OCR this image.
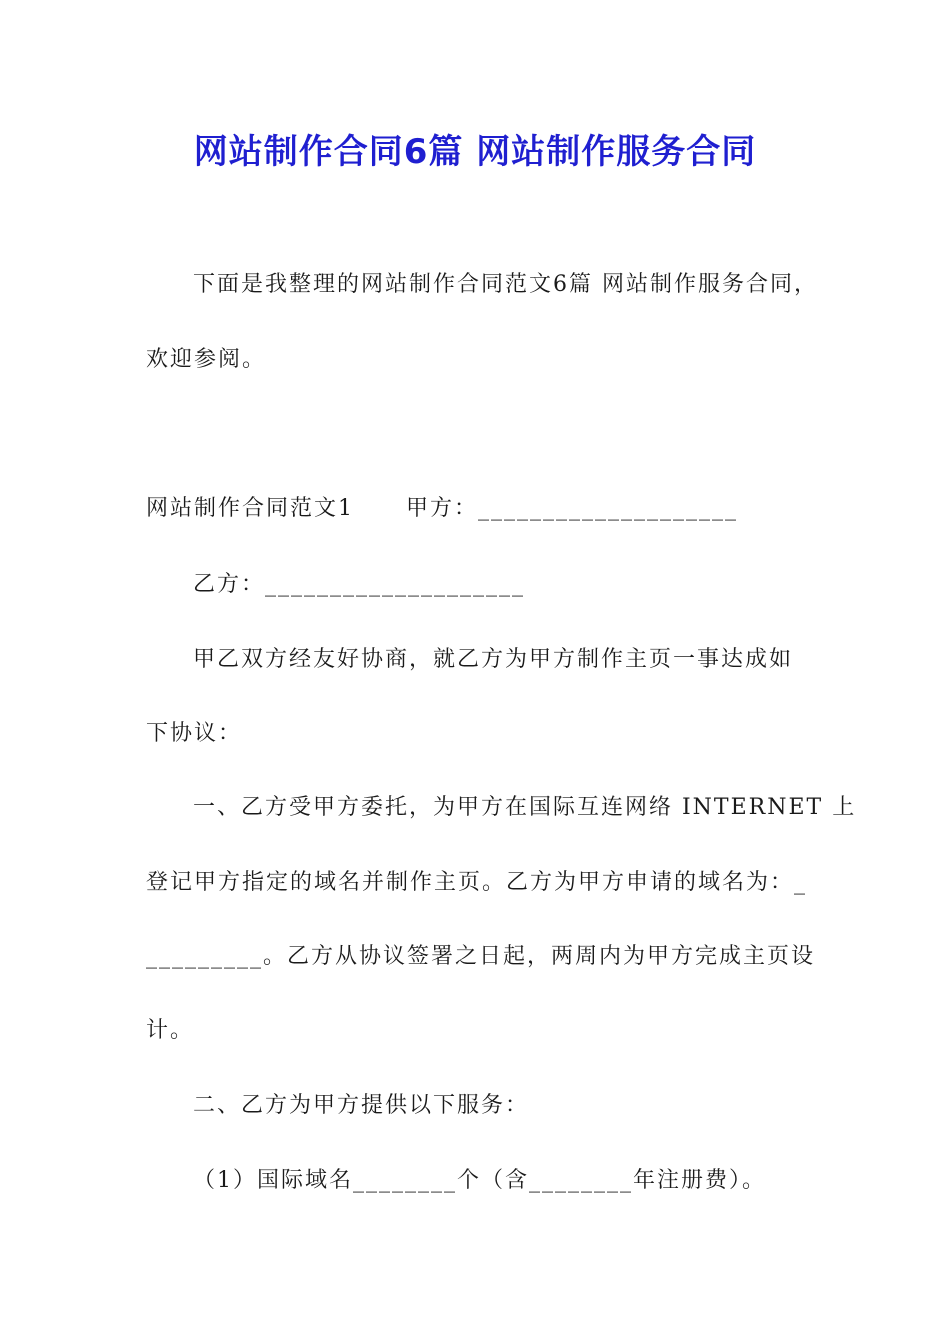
网站制作合同6篇 网站制作服务合同
下面是我整理的网站制作合同范文6篇 网站制作服务合同，
欢迎参阅。
网站制作合同范文1 甲方：____________________
乙方：____________________
甲乙双方经友好协商，就乙方为甲方制作主页一事达成如
下协议：
一、乙方受甲方委托，为甲方在国际互连网络 INTERNET 上
登记甲方指定的域名并制作主页。乙方为甲方申请的域名为：_
_________。乙方从协议签署之日起，两周内为甲方完成主页设
计。
二、乙方为甲方提供以下服务：
（1）国际域名________个（含________年注册费）。
